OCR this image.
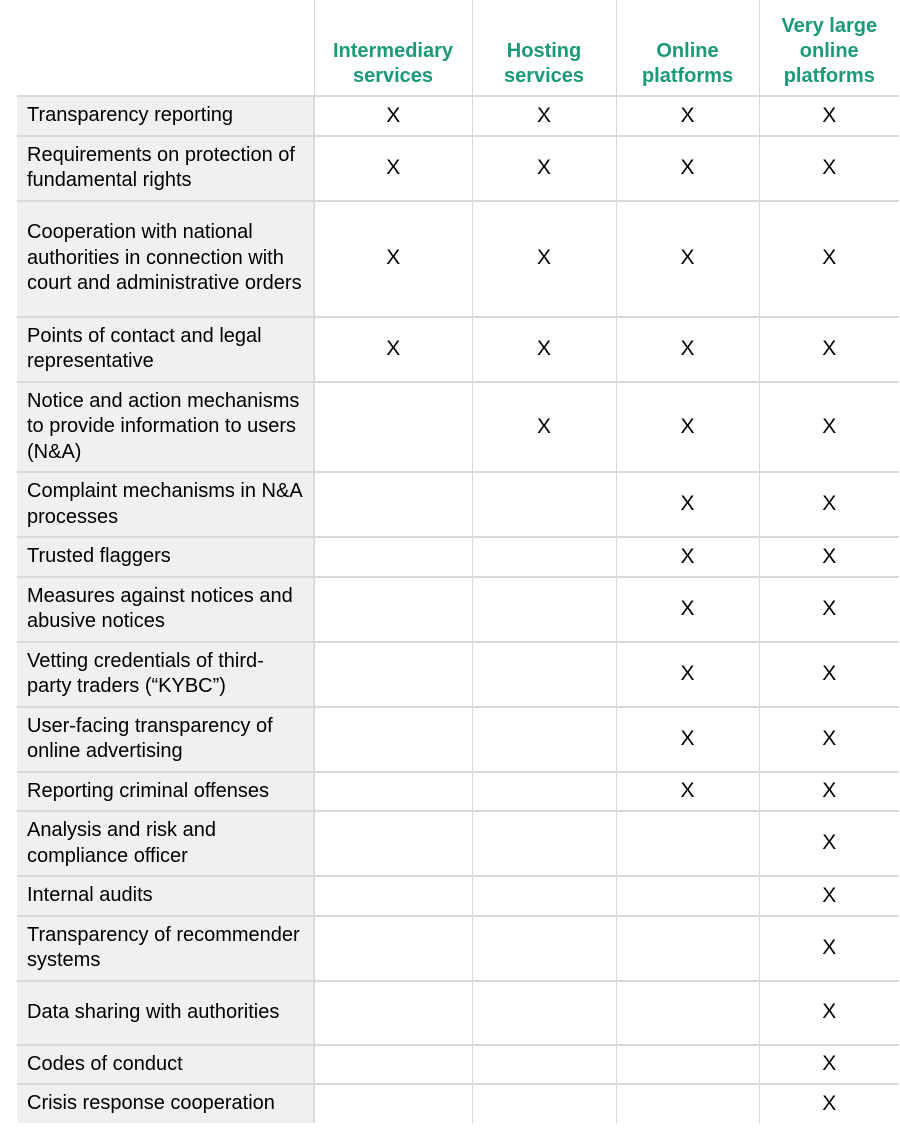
	Intermediary services	Hosting services	Online platforms	Very large online platforms
Transparency reporting	X	X	X	X
Requirements on protection of fundamental rights	X	X	X	X
Cooperation with national authorities in connection with court and administrative orders	X	X	X	X
Points of contact and legal representative	X	X	X	X
Notice and action mechanisms to provide information to users (N&A)		X	X	X
Complaint mechanisms in N&A processes			X	X
Trusted flaggers			X	X
Measures against notices and abusive notices			X	X
Vetting credentials of third-party traders (“KYBC”)			X	X
User-facing transparency of online advertising			X	X
Reporting criminal offenses			X	X
Analysis and risk and compliance officer				X
Internal audits				X
Transparency of recommender systems				X
Data sharing with authorities				X
Codes of conduct				X
Crisis response cooperation				X
